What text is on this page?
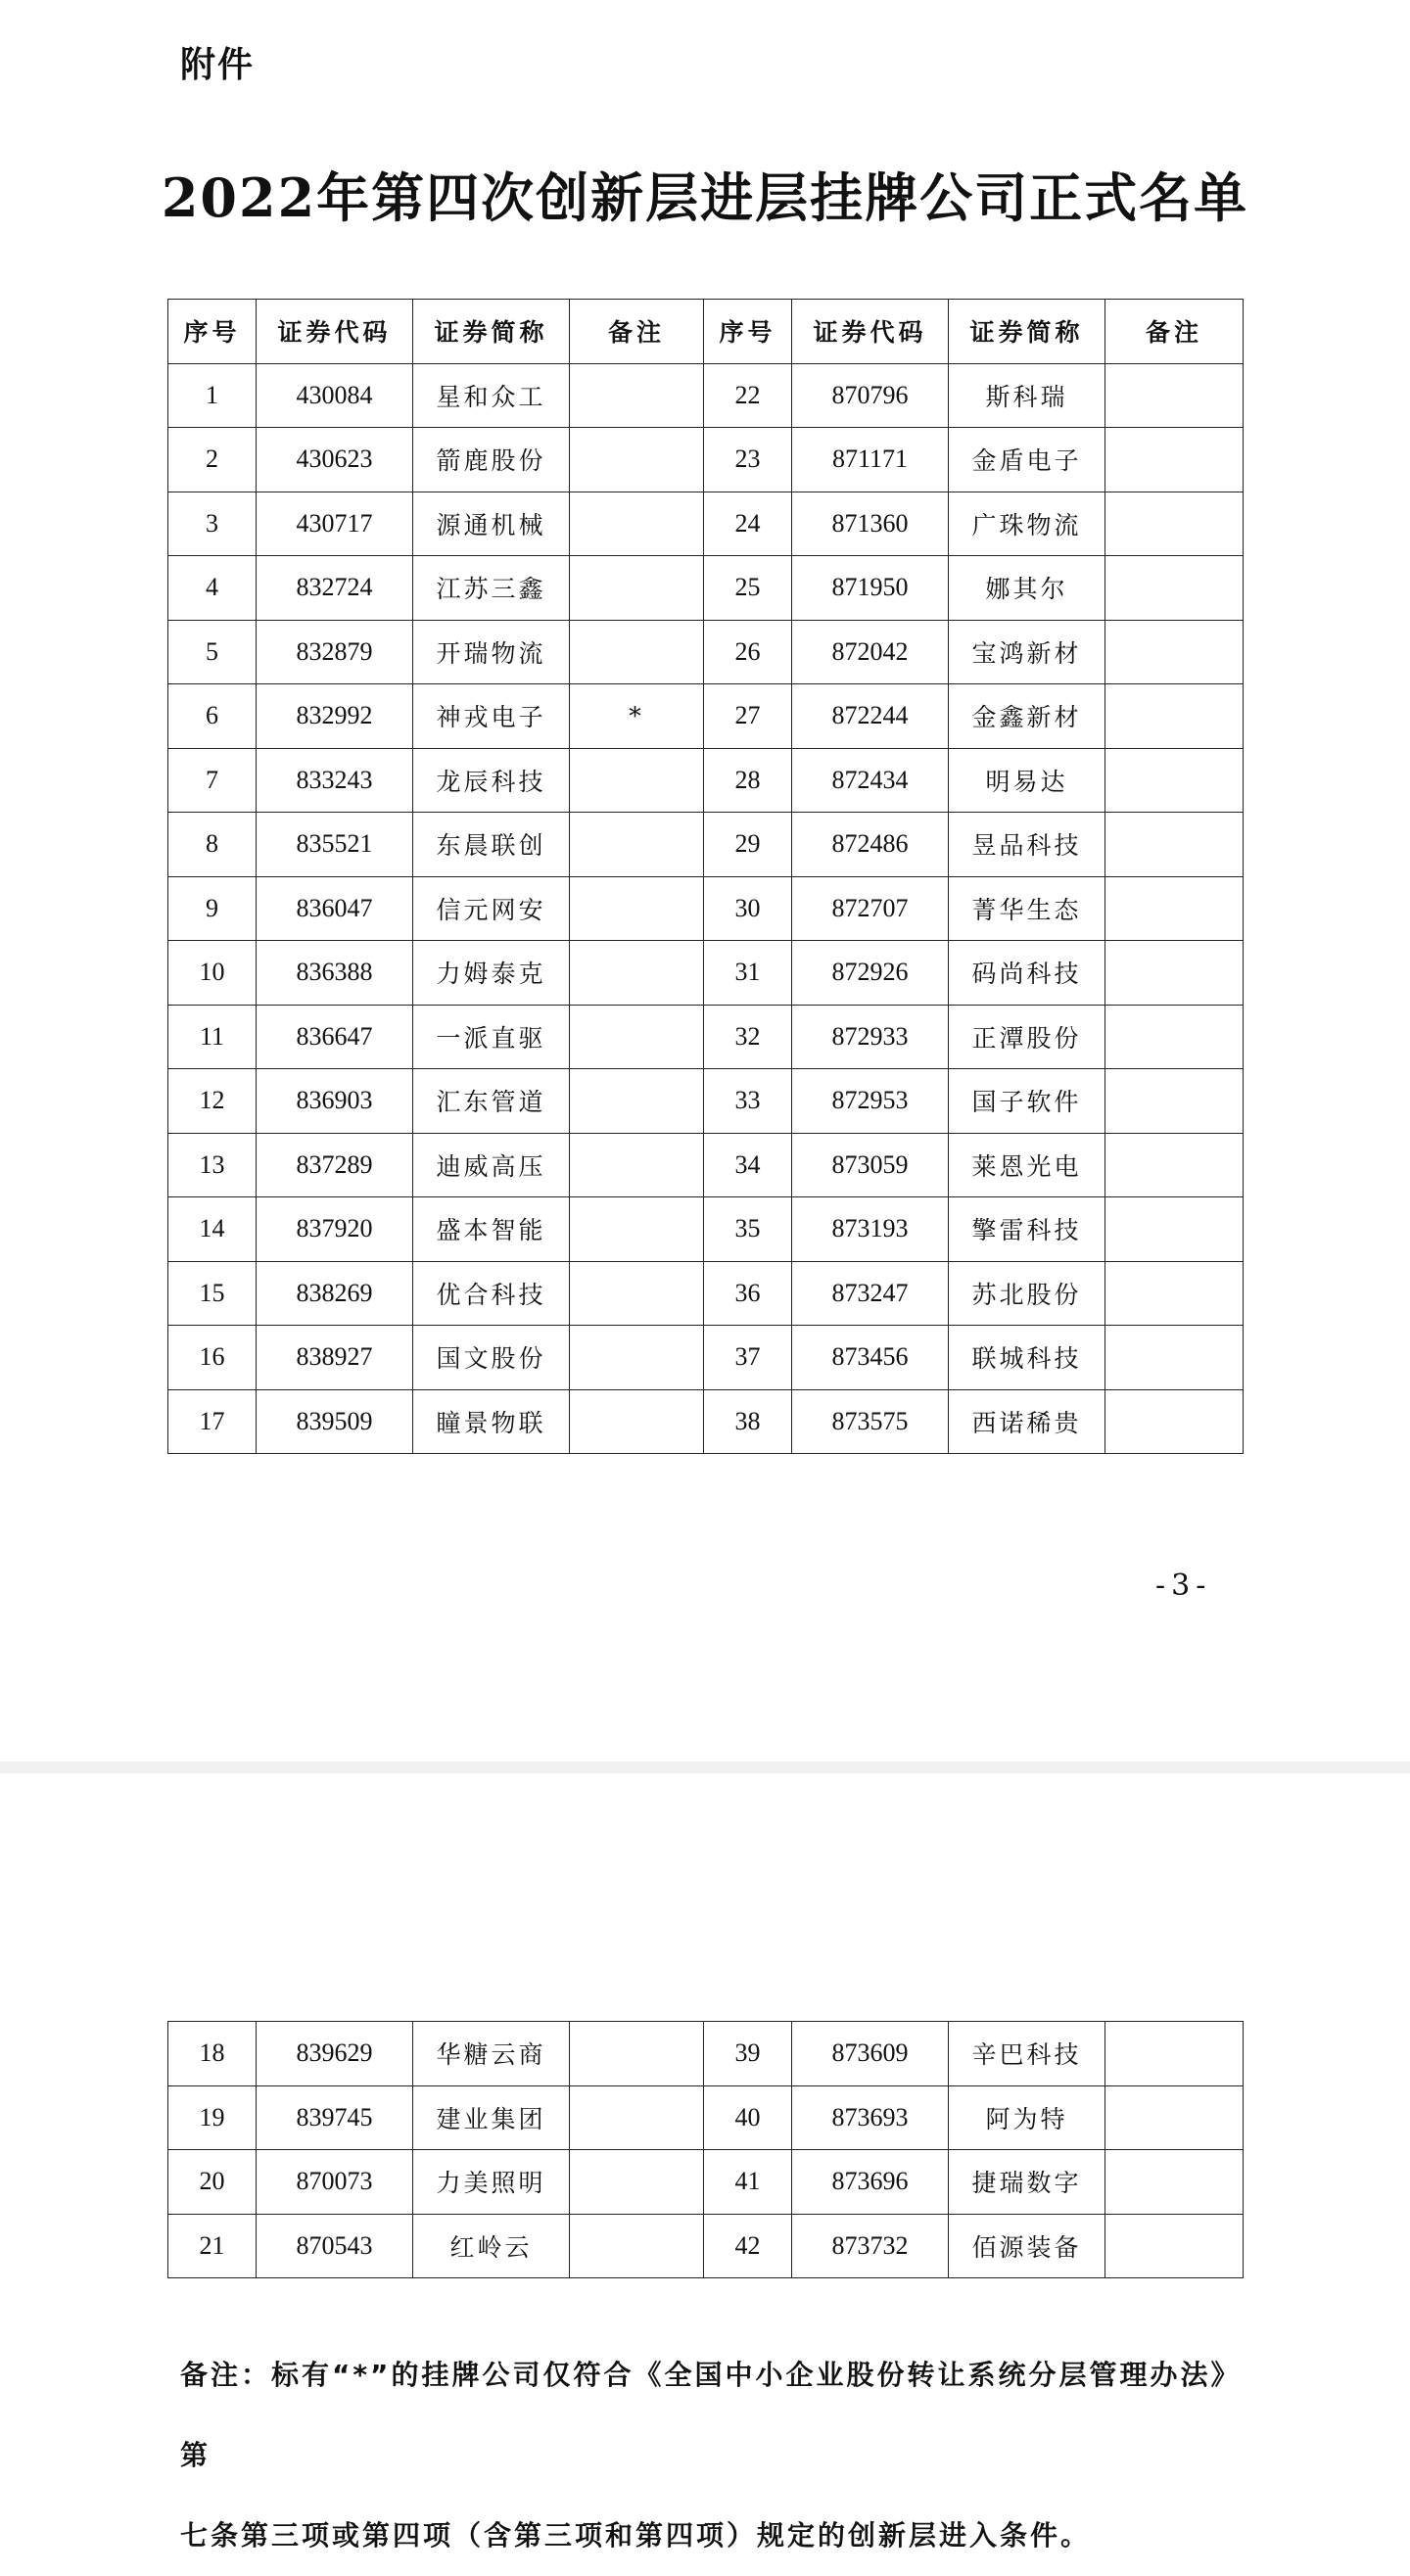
附件
2022年第四次创新层进层挂牌公司正式名单
序号	证券代码	证券简称	备注	序号	证券代码	证券简称	备注
1	430084	星和众工		22	870796	斯科瑞	
2	430623	箭鹿股份		23	871171	金盾电子	
3	430717	源通机械		24	871360	广珠物流	
4	832724	江苏三鑫		25	871950	娜其尔	
5	832879	开瑞物流		26	872042	宝鸿新材	
6	832992	神戎电子	*	27	872244	金鑫新材	
7	833243	龙辰科技		28	872434	明易达	
8	835521	东晨联创		29	872486	昱品科技	
9	836047	信元网安		30	872707	菁华生态	
10	836388	力姆泰克		31	872926	码尚科技	
11	836647	一派直驱		32	872933	正潭股份	
12	836903	汇东管道		33	872953	国子软件	
13	837289	迪威高压		34	873059	莱恩光电	
14	837920	盛本智能		35	873193	擎雷科技	
15	838269	优合科技		36	873247	苏北股份	
16	838927	国文股份		37	873456	联城科技	
17	839509	瞳景物联		38	873575	西诺稀贵	
-3-
18	839629	华糖云商		39	873609	辛巴科技	
19	839745	建业集团		40	873693	阿为特	
20	870073	力美照明		41	873696	捷瑞数字	
21	870543	红岭云		42	873732	佰源装备	

备注：标有“*”的挂牌公司仅符合《全国中小企业股份转让系统分层管理办法》第

七条第三项或第四项（含第三项和第四项）规定的创新层进入条件。
